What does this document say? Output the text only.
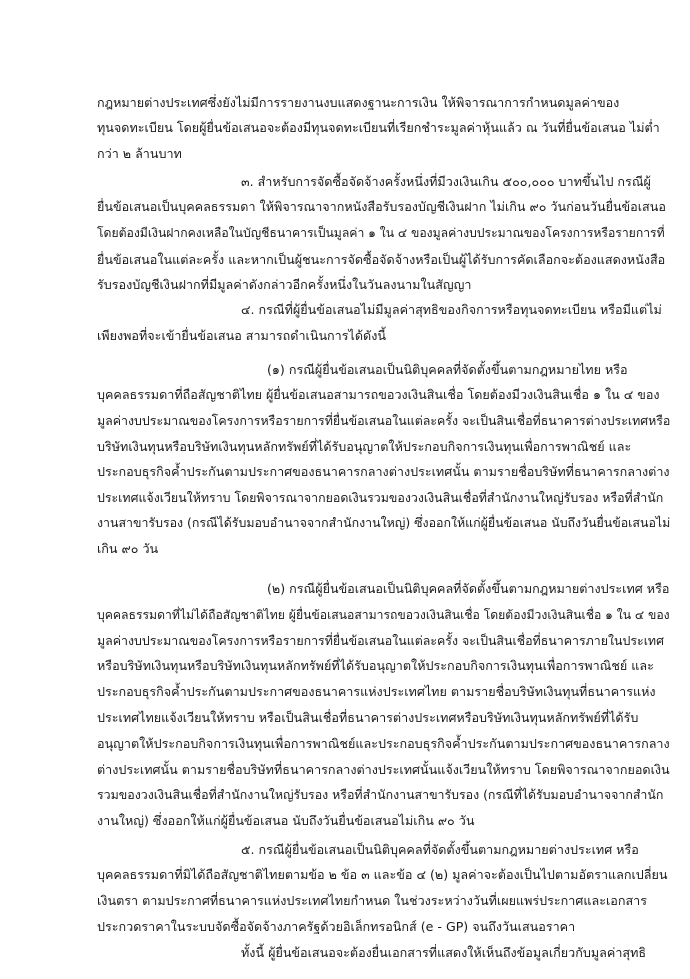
กฎหมายต่างประเทศซึ่งยังไม่มีการรายงานงบแสดงฐานะการเงิน ให้พิจารณาการกำหนดมูลค่าของ
ทุนจดทะเบียน โดยผู้ยื่นข้อเสนอจะต้องมีทุนจดทะเบียนที่เรียกชำระมูลค่าหุ้นแล้ว ณ วันที่ยื่นข้อเสนอ ไม่ต่ำ
กว่า ๒ ล้านบาท
๓. สำหรับการจัดซื้อจัดจ้างครั้งหนึ่งที่มีวงเงินเกิน ๕๐๐,๐๐๐ บาทขึ้นไป กรณีผู้
ยื่นข้อเสนอเป็นบุคคลธรรมดา ให้พิจารณาจากหนังสือรับรองบัญชีเงินฝาก ไม่เกิน ๙๐ วันก่อนวันยื่นข้อเสนอ
โดยต้องมีเงินฝากคงเหลือในบัญชีธนาคารเป็นมูลค่า ๑ ใน ๔ ของมูลค่างบประมาณของโครงการหรือรายการที่
ยื่นข้อเสนอในแต่ละครั้ง และหากเป็นผู้ชนะการจัดซื้อจัดจ้างหรือเป็นผู้ได้รับการคัดเลือกจะต้องแสดงหนังสือ
รับรองบัญชีเงินฝากที่มีมูลค่าดังกล่าวอีกครั้งหนึ่งในวันลงนามในสัญญา
๔. กรณีที่ผู้ยื่นข้อเสนอไม่มีมูลค่าสุทธิของกิจการหรือทุนจดทะเบียน หรือมีแต่ไม่
เพียงพอที่จะเข้ายื่นข้อเสนอ สามารถดำเนินการได้ดังนี้
(๑) กรณีผู้ยื่นข้อเสนอเป็นนิติบุคคลที่จัดตั้งขึ้นตามกฎหมายไทย หรือ
บุคคลธรรมดาที่ถือสัญชาติไทย ผู้ยื่นข้อเสนอสามารถขอวงเงินสินเชื่อ โดยต้องมีวงเงินสินเชื่อ ๑ ใน ๔ ของ
มูลค่างบประมาณของโครงการหรือรายการที่ยื่นข้อเสนอในแต่ละครั้ง จะเป็นสินเชื่อที่ธนาคารต่างประเทศหรือ
บริษัทเงินทุนหรือบริษัทเงินทุนหลักทรัพย์ที่ได้รับอนุญาตให้ประกอบกิจการเงินทุนเพื่อการพาณิชย์ และ
ประกอบธุรกิจค้ำประกันตามประกาศของธนาคารกลางต่างประเทศนั้น ตามรายชื่อบริษัทที่ธนาคารกลางต่าง
ประเทศแจ้งเวียนให้ทราบ โดยพิจารณาจากยอดเงินรวมของวงเงินสินเชื่อที่สำนักงานใหญ่รับรอง หรือที่สำนัก
งานสาขารับรอง (กรณีได้รับมอบอำนาจจากสำนักงานใหญ่) ซึ่งออกให้แก่ผู้ยื่นข้อเสนอ นับถึงวันยื่นข้อเสนอไม่
เกิน ๙๐ วัน
(๒) กรณีผู้ยื่นข้อเสนอเป็นนิติบุคคลที่จัดตั้งขึ้นตามกฎหมายต่างประเทศ หรือ
บุคคลธรรมดาที่ไม่ได้ถือสัญชาติไทย ผู้ยื่นข้อเสนอสามารถขอวงเงินสินเชื่อ โดยต้องมีวงเงินสินเชื่อ ๑ ใน ๔ ของ
มูลค่างบประมาณของโครงการหรือรายการที่ยื่นข้อเสนอในแต่ละครั้ง จะเป็นสินเชื่อที่ธนาคารภายในประเทศ
หรือบริษัทเงินทุนหรือบริษัทเงินทุนหลักทรัพย์ที่ได้รับอนุญาตให้ประกอบกิจการเงินทุนเพื่อการพาณิชย์ และ
ประกอบธุรกิจค้ำประกันตามประกาศของธนาคารแห่งประเทศไทย ตามรายชื่อบริษัทเงินทุนที่ธนาคารแห่ง
ประเทศไทยแจ้งเวียนให้ทราบ หรือเป็นสินเชื่อที่ธนาคารต่างประเทศหรือบริษัทเงินทุนหลักทรัพย์ที่ได้รับ
อนุญาตให้ประกอบกิจการเงินทุนเพื่อการพาณิชย์และประกอบธุรกิจค้ำประกันตามประกาศของธนาคารกลาง
ต่างประเทศนั้น ตามรายชื่อบริษัทที่ธนาคารกลางต่างประเทศนั้นแจ้งเวียนให้ทราบ โดยพิจารณาจากยอดเงิน
รวมของวงเงินสินเชื่อที่สำนักงานใหญ่รับรอง หรือที่สำนักงานสาขารับรอง (กรณีที่ได้รับมอบอำนาจจากสำนัก
งานใหญ่) ซึ่งออกให้แก่ผู้ยื่นข้อเสนอ นับถึงวันยื่นข้อเสนอไม่เกิน ๙๐ วัน
๕. กรณีผู้ยื่นข้อเสนอเป็นนิติบุคคลที่จัดตั้งขึ้นตามกฎหมายต่างประเทศ หรือ
บุคคลธรรมดาที่มิได้ถือสัญชาติไทยตามข้อ ๒ ข้อ ๓ และข้อ ๔ (๒) มูลค่าจะต้องเป็นไปตามอัตราแลกเปลี่ยน
เงินตรา ตามประกาศที่ธนาคารแห่งประเทศไทยกำหนด ในช่วงระหว่างวันที่เผยแพร่ประกาศและเอกสาร
ประกวดราคาในระบบจัดซื้อจัดจ้างภาครัฐด้วยอิเล็กทรอนิกส์ (e - GP) จนถึงวันเสนอราคา
ทั้งนี้ ผู้ยื่นข้อเสนอจะต้องยื่นเอกสารที่แสดงให้เห็นถึงข้อมูลเกี่ยวกับมูลค่าสุทธิ
